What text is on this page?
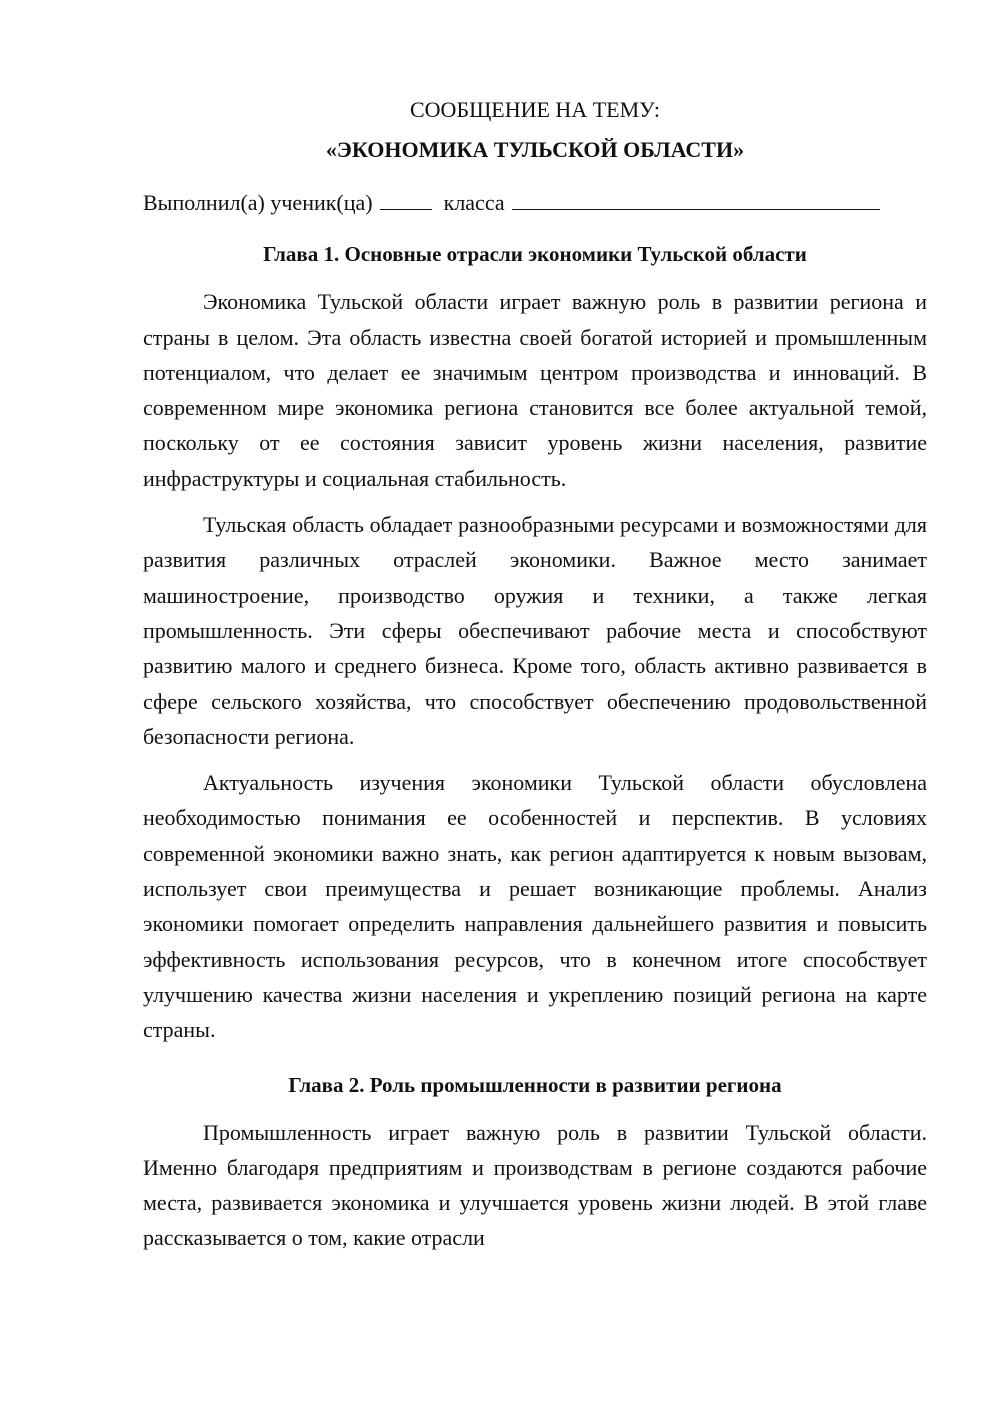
СООБЩЕНИЕ НА ТЕМУ:

«ЭКОНОМИКА ТУЛЬСКОЙ ОБЛАСТИ»

Выполнил(а) ученик(ца)	класса

Глава 1. Основные отрасли экономики Тульской области

Экономика Тульской области играет важную роль в развитии региона и страны в целом. Эта область известна своей богатой историей и промышленным потенциалом, что делает ее значимым центром производства и инноваций. В современном мире экономика региона становится все более актуальной темой, поскольку от ее состояния зависит уровень жизни населения, развитие инфраструктуры и социальная стабильность.

Тульская область обладает разнообразными ресурсами и возможностями для развития различных отраслей экономики. Важное место занимает машиностроение, производство оружия и техники, а также легкая промышленность. Эти сферы обеспечивают рабочие места и способствуют развитию малого и среднего бизнеса. Кроме того, область активно развивается в сфере сельского хозяйства, что способствует обеспечению продовольственной безопасности региона.

Актуальность изучения экономики Тульской области обусловлена необходимостью понимания ее особенностей и перспектив. В условиях современной экономики важно знать, как регион адаптируется к новым вызовам, использует свои преимущества и решает возникающие проблемы. Анализ экономики помогает определить направления дальнейшего развития и повысить эффективность использования ресурсов, что в конечном итоге способствует улучшению качества жизни населения и укреплению позиций региона на карте страны.

Глава 2. Роль промышленности в развитии региона

Промышленность играет важную роль в развитии Тульской области. Именно благодаря предприятиям и производствам в регионе создаются рабочие места, развивается экономика и улучшается уровень жизни людей. В этой главе рассказывается о том, какие отрасли
